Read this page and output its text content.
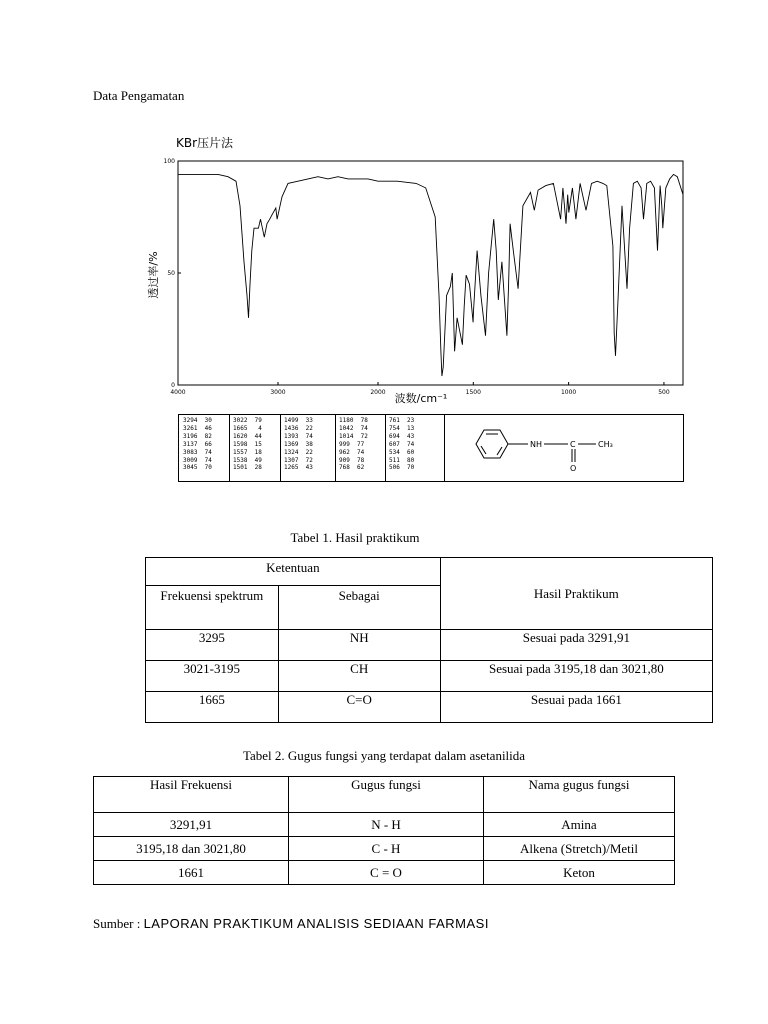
Data Pengamatan
KBr压片法
透过率/%
波数/cm⁻¹
100
50
0
4000	3000	2000	1500	1000	500
3294  30
3261  46
3196  82
3137  66
3083  74
3009  74
3045  70
3022  79
1665   4
1620  44
1598  15
1557  18
1538  49
1501  28
1499  33
1436  22
1393  74
1369  38
1324  22
1307  72
1265  43
1180  78
1042  74
1014  72
999  77
962  74
909  78
768  62
761  23
754  13
694  43
607  74
534  60
511  80
506  70
NH	C	CH₃
O
Tabel 1. Hasil praktikum
Ketentuan		Hasil Praktikum
Frekuensi spektrum	Sebagai	
3295	NH	Sesuai pada 3291,91
3021-3195	CH	Sesuai pada 3195,18 dan 3021,80
1665	C=O	Sesuai pada 1661
Tabel 2. Gugus fungsi yang terdapat dalam asetanilida
Hasil Frekuensi	Gugus fungsi	Nama gugus fungsi
3291,91	N - H	Amina
3195,18 dan 3021,80	C - H	Alkena (Stretch)/Metil
1661	C = O	Keton
Sumber : LAPORAN PRAKTIKUM ANALISIS SEDIAAN FARMASI
